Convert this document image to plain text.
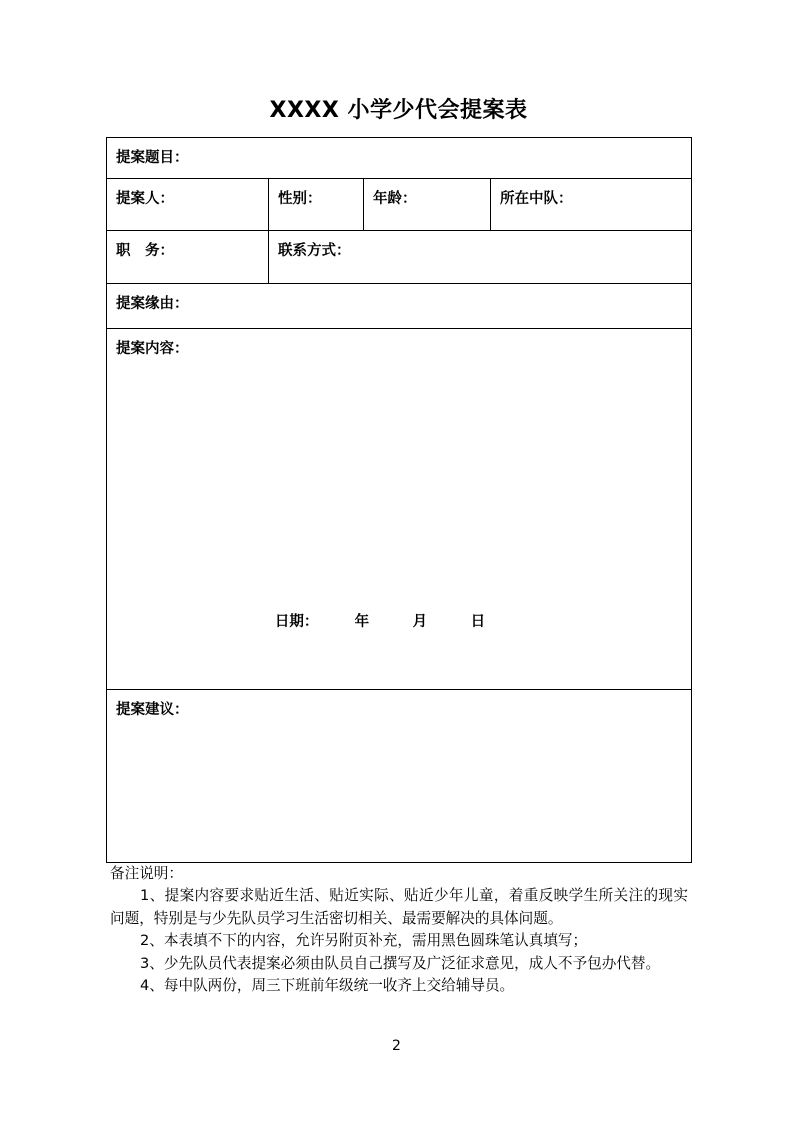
XXXX 小学少代会提案表
提案题目：			

提案人：	性别：	年龄：	所在中队：

职　务：	联系方式：		

提案缘由：			

提案内容：
日期：　　　年　　　月　　　日			

提案建议：			
备注说明：
1、提案内容要求贴近生活、贴近实际、贴近少年儿童，着重反映学生所关注的现实问题，特别是与少先队员学习生活密切相关、最需要解决的具体问题。
2、本表填不下的内容，允许另附页补充，需用黑色圆珠笔认真填写；
3、少先队员代表提案必须由队员自己撰写及广泛征求意见，成人不予包办代替。
4、每中队两份，周三下班前年级统一收齐上交给辅导员。
2
